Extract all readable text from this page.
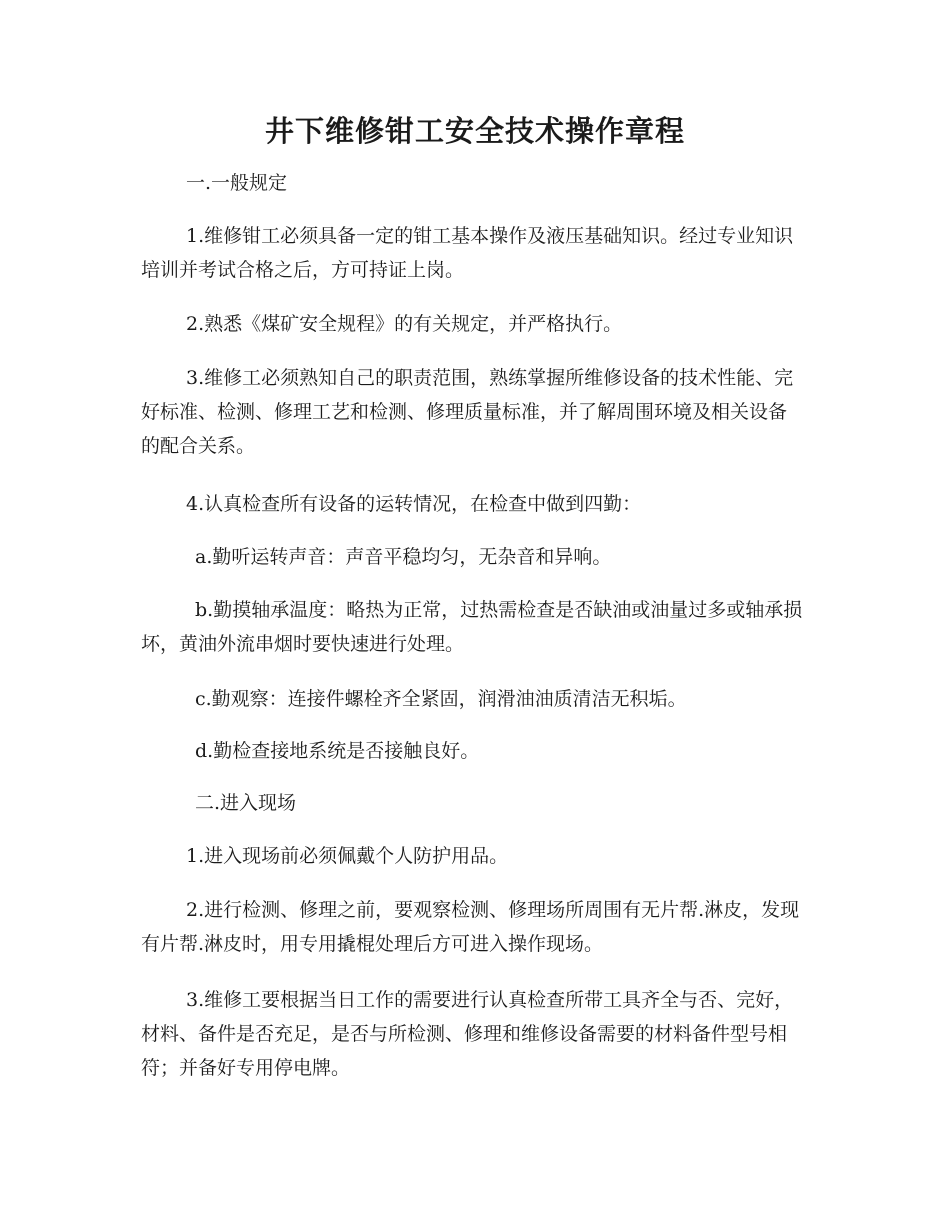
井下维修钳工安全技术操作章程

一.一般规定

1.维修钳工必须具备一定的钳工基本操作及液压基础知识。经过专业知识培训并考试合格之后，方可持证上岗。

2.熟悉《煤矿安全规程》的有关规定，并严格执行。

3.维修工必须熟知自己的职责范围，熟练掌握所维修设备的技术性能、完好标准、检测、修理工艺和检测、修理质量标准，并了解周围环境及相关设备的配合关系。

4.认真检查所有设备的运转情况，在检查中做到四勤：

a.勤听运转声音：声音平稳均匀，无杂音和异响。

b.勤摸轴承温度：略热为正常，过热需检查是否缺油或油量过多或轴承损坏，黄油外流串烟时要快速进行处理。

c.勤观察：连接件螺栓齐全紧固，润滑油油质清洁无积垢。

d.勤检查接地系统是否接触良好。

二.进入现场

1.进入现场前必须佩戴个人防护用品。

2.进行检测、修理之前，要观察检测、修理场所周围有无片帮.淋皮，发现有片帮.淋皮时，用专用撬棍处理后方可进入操作现场。

3.维修工要根据当日工作的需要进行认真检查所带工具齐全与否、完好，材料、备件是否充足，是否与所检测、修理和维修设备需要的材料备件型号相符；并备好专用停电牌。
